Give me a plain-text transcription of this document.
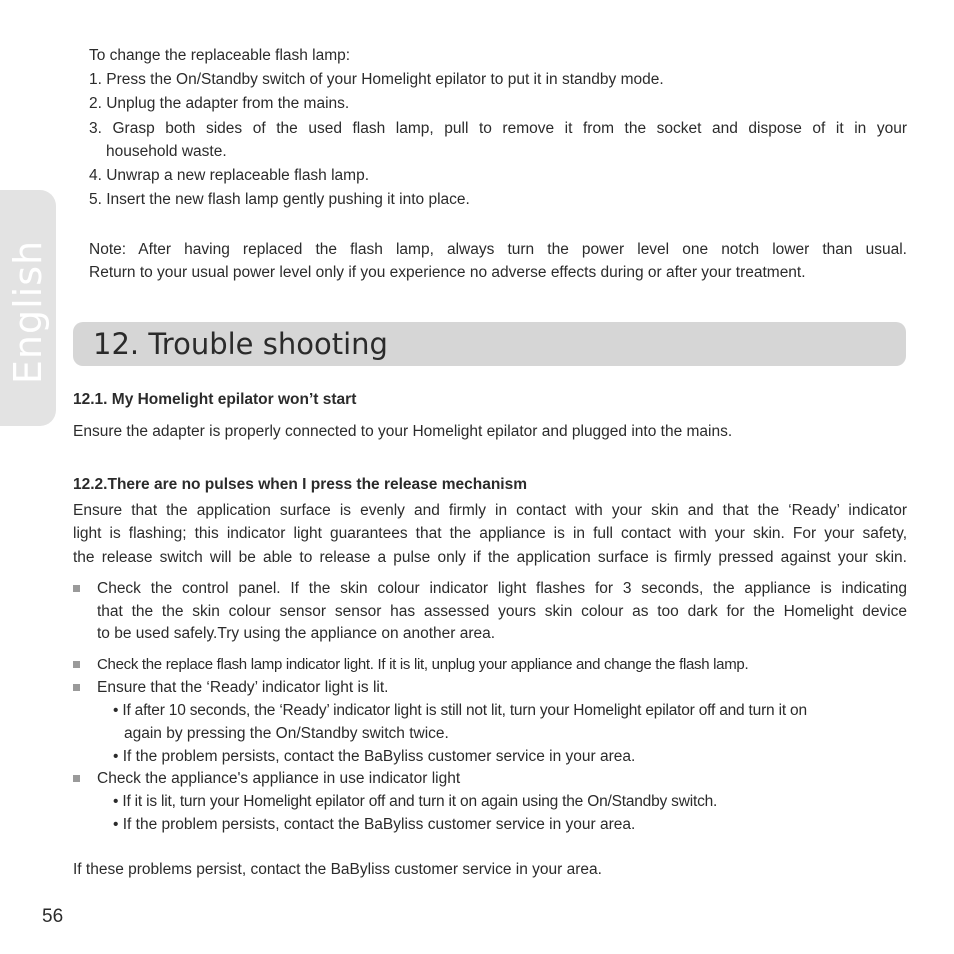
English
To change the replaceable flash lamp:
1. Press the On/Standby switch of your Homelight epilator to put it in standby mode.
2. Unplug the adapter from the mains.
3. Grasp both sides of the used flash lamp, pull to remove it from the socket and dispose of it in your
household waste.
4. Unwrap a new replaceable flash lamp.
5. Insert the new flash lamp gently pushing it into place.
Note: After having replaced the flash lamp, always turn the power level one notch lower than usual.
Return to your usual power level only if you experience no adverse effects during or after your treatment.
12. Trouble shooting
12.1. My Homelight epilator won’t start
Ensure the adapter is properly connected to your Homelight epilator and plugged into the mains.
12.2.There are no pulses when I press the release mechanism
Ensure that the application surface is evenly and firmly in contact with your skin and that the ‘Ready’ indicator
light is flashing; this indicator light guarantees that the appliance is in full contact with your skin. For your safety,
the release switch will be able to release a pulse only if the application surface is firmly pressed against your skin.
Check the control panel. If the skin colour indicator light flashes for 3 seconds, the appliance is indicating
that the the skin colour sensor sensor has assessed yours skin colour as too dark for the Homelight device
to be used safely.Try using the appliance on another area.
Check the replace flash lamp indicator light. If it is lit, unplug your appliance and change the flash lamp.
Ensure that the ‘Ready’ indicator light is lit.
• If after 10 seconds, the ‘Ready’ indicator light is still not lit, turn your Homelight epilator off and turn it on
again by pressing the On/Standby switch twice.
• If the problem persists, contact the BaByliss customer service in your area.
Check the appliance's appliance in use indicator light
• If it is lit, turn your Homelight epilator off and turn it on again using the On/Standby switch.
• If the problem persists, contact the BaByliss customer service in your area.
If these problems persist, contact the BaByliss customer service in your area.
56
